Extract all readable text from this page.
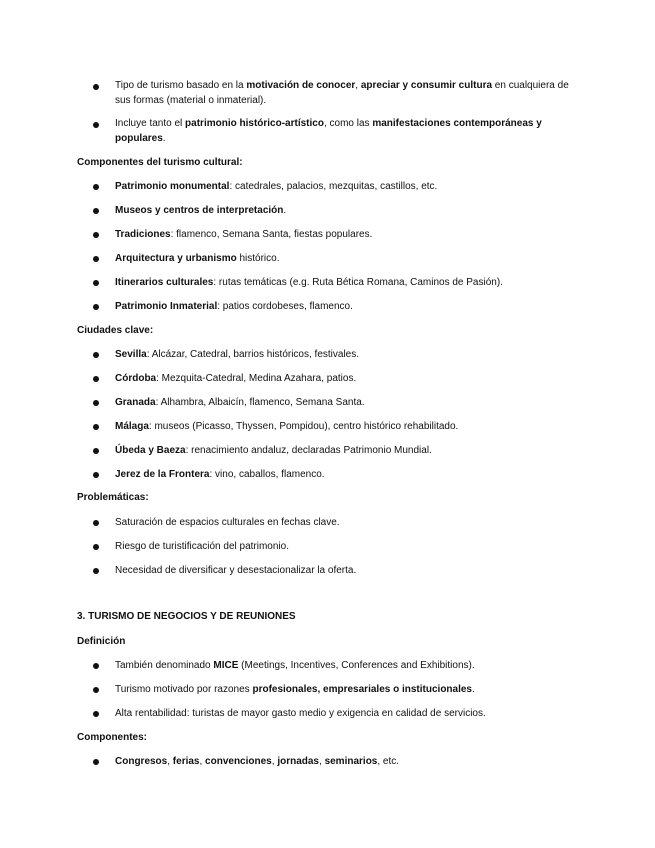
Tipo de turismo basado en la motivación de conocer, apreciar y consumir cultura en cualquiera de sus formas (material o inmaterial).
Incluye tanto el patrimonio histórico-artístico, como las manifestaciones contemporáneas y populares.
Componentes del turismo cultural:
Patrimonio monumental: catedrales, palacios, mezquitas, castillos, etc.
Museos y centros de interpretación.
Tradiciones: flamenco, Semana Santa, fiestas populares.
Arquitectura y urbanismo histórico.
Itinerarios culturales: rutas temáticas (e.g. Ruta Bética Romana, Caminos de Pasión).
Patrimonio Inmaterial: patios cordobeses, flamenco.
Ciudades clave:
Sevilla: Alcázar, Catedral, barrios históricos, festivales.
Córdoba: Mezquita-Catedral, Medina Azahara, patios.
Granada: Alhambra, Albaicín, flamenco, Semana Santa.
Málaga: museos (Picasso, Thyssen, Pompidou), centro histórico rehabilitado.
Úbeda y Baeza: renacimiento andaluz, declaradas Patrimonio Mundial.
Jerez de la Frontera: vino, caballos, flamenco.
Problemáticas:
Saturación de espacios culturales en fechas clave.
Riesgo de turistificación del patrimonio.
Necesidad de diversificar y desestacionalizar la oferta.
3. TURISMO DE NEGOCIOS Y DE REUNIONES
Definición
También denominado MICE (Meetings, Incentives, Conferences and Exhibitions).
Turismo motivado por razones profesionales, empresariales o institucionales.
Alta rentabilidad: turistas de mayor gasto medio y exigencia en calidad de servicios.
Componentes:
Congresos, ferias, convenciones, jornadas, seminarios, etc.
